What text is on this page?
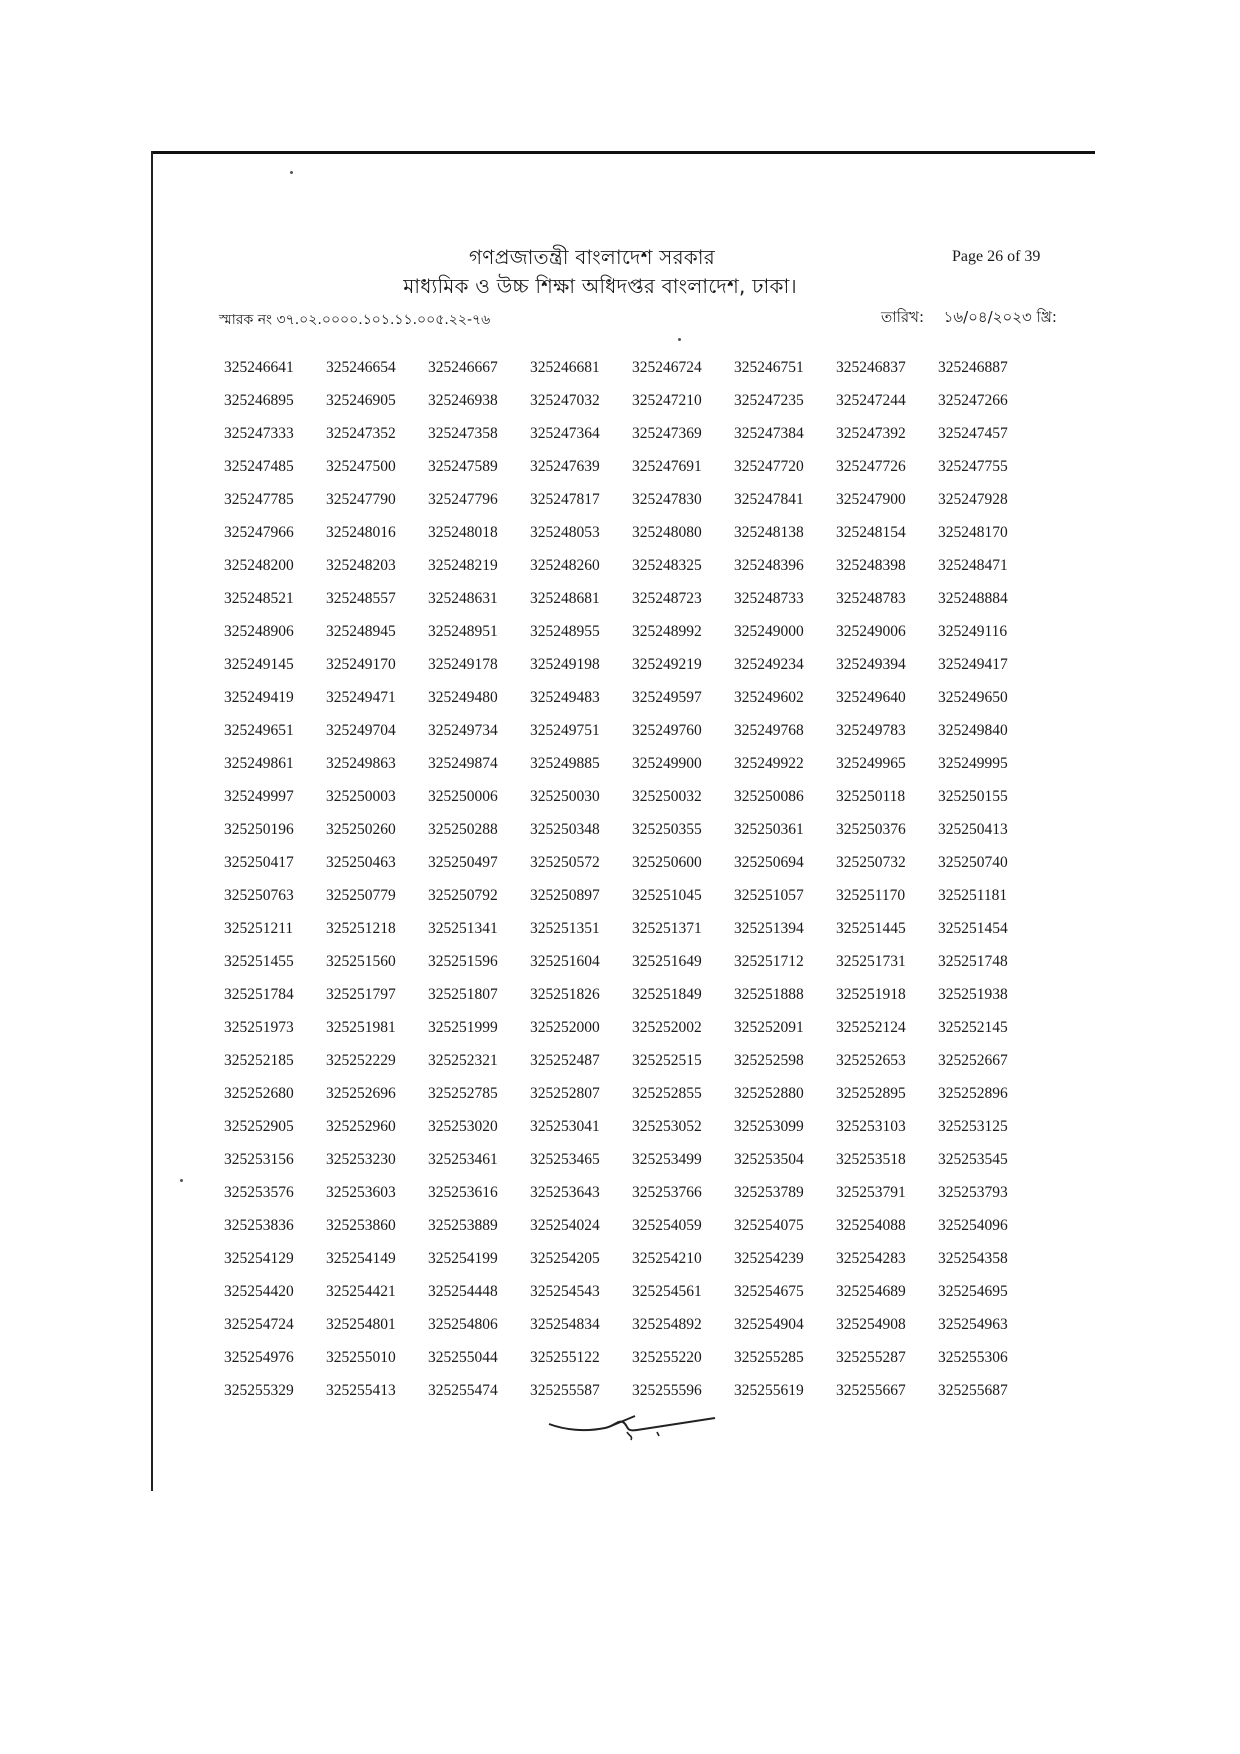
গণপ্রজাতন্ত্রী বাংলাদেশ সরকার
মাধ্যমিক ও উচ্চ শিক্ষা অধিদপ্তর বাংলাদেশ, ঢাকা।
Page 26 of 39
স্মারক নং ৩৭.০২.০০০০.১০১.১১.০০৫.২২-৭৬	তারিখ: ১৬/০৪/২০২৩ খ্রি:
325246641	325246654	325246667	325246681	325246724	325246751	325246837	325246887
325246895	325246905	325246938	325247032	325247210	325247235	325247244	325247266
325247333	325247352	325247358	325247364	325247369	325247384	325247392	325247457
325247485	325247500	325247589	325247639	325247691	325247720	325247726	325247755
325247785	325247790	325247796	325247817	325247830	325247841	325247900	325247928
325247966	325248016	325248018	325248053	325248080	325248138	325248154	325248170
325248200	325248203	325248219	325248260	325248325	325248396	325248398	325248471
325248521	325248557	325248631	325248681	325248723	325248733	325248783	325248884
325248906	325248945	325248951	325248955	325248992	325249000	325249006	325249116
325249145	325249170	325249178	325249198	325249219	325249234	325249394	325249417
325249419	325249471	325249480	325249483	325249597	325249602	325249640	325249650
325249651	325249704	325249734	325249751	325249760	325249768	325249783	325249840
325249861	325249863	325249874	325249885	325249900	325249922	325249965	325249995
325249997	325250003	325250006	325250030	325250032	325250086	325250118	325250155
325250196	325250260	325250288	325250348	325250355	325250361	325250376	325250413
325250417	325250463	325250497	325250572	325250600	325250694	325250732	325250740
325250763	325250779	325250792	325250897	325251045	325251057	325251170	325251181
325251211	325251218	325251341	325251351	325251371	325251394	325251445	325251454
325251455	325251560	325251596	325251604	325251649	325251712	325251731	325251748
325251784	325251797	325251807	325251826	325251849	325251888	325251918	325251938
325251973	325251981	325251999	325252000	325252002	325252091	325252124	325252145
325252185	325252229	325252321	325252487	325252515	325252598	325252653	325252667
325252680	325252696	325252785	325252807	325252855	325252880	325252895	325252896
325252905	325252960	325253020	325253041	325253052	325253099	325253103	325253125
325253156	325253230	325253461	325253465	325253499	325253504	325253518	325253545
325253576	325253603	325253616	325253643	325253766	325253789	325253791	325253793
325253836	325253860	325253889	325254024	325254059	325254075	325254088	325254096
325254129	325254149	325254199	325254205	325254210	325254239	325254283	325254358
325254420	325254421	325254448	325254543	325254561	325254675	325254689	325254695
325254724	325254801	325254806	325254834	325254892	325254904	325254908	325254963
325254976	325255010	325255044	325255122	325255220	325255285	325255287	325255306
325255329	325255413	325255474	325255587	325255596	325255619	325255667	325255687
